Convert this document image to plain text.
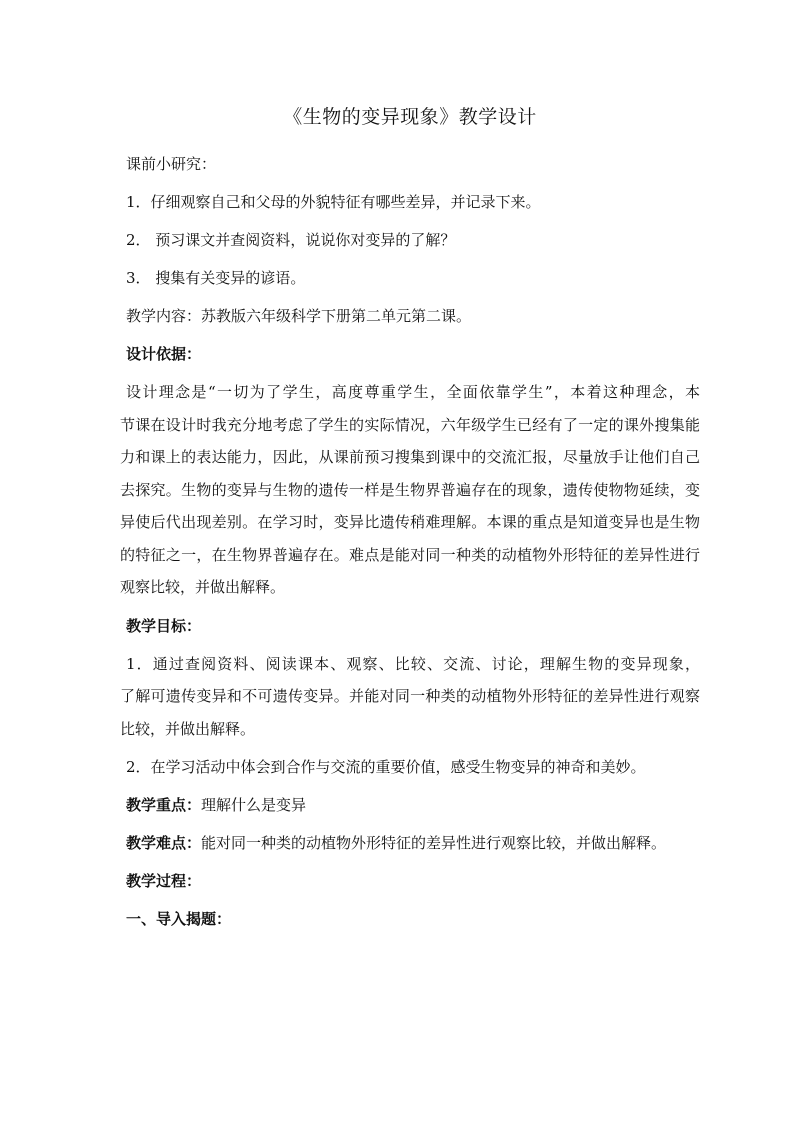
《生物的变异现象》教学设计

课前小研究：

1．仔细观察自己和父母的外貌特征有哪些差异，并记录下来。

2． 预习课文并查阅资料，说说你对变异的了解？

3． 搜集有关变异的谚语。

教学内容：苏教版六年级科学下册第二单元第二课。

设计依据：

设计理念是“一切为了学生，高度尊重学生，全面依靠学生”，本着这种理念，本
节课在设计时我充分地考虑了学生的实际情况，六年级学生已经有了一定的课外搜集能
力和课上的表达能力，因此，从课前预习搜集到课中的交流汇报，尽量放手让他们自己
去探究。生物的变异与生物的遗传一样是生物界普遍存在的现象，遗传使物物延续，变
异使后代出现差别。在学习时，变异比遗传稍难理解。本课的重点是知道变异也是生物
的特征之一，在生物界普遍存在。难点是能对同一种类的动植物外形特征的差异性进行
观察比较，并做出解释。

教学目标：

1．通过查阅资料、阅读课本、观察、比较、交流、讨论，理解生物的变异现象，
了解可遗传变异和不可遗传变异。并能对同一种类的动植物外形特征的差异性进行观察
比较，并做出解释。

2．在学习活动中体会到合作与交流的重要价值，感受生物变异的神奇和美妙。

教学重点：理解什么是变异

教学难点：能对同一种类的动植物外形特征的差异性进行观察比较，并做出解释。

教学过程：

一、导入揭题：
